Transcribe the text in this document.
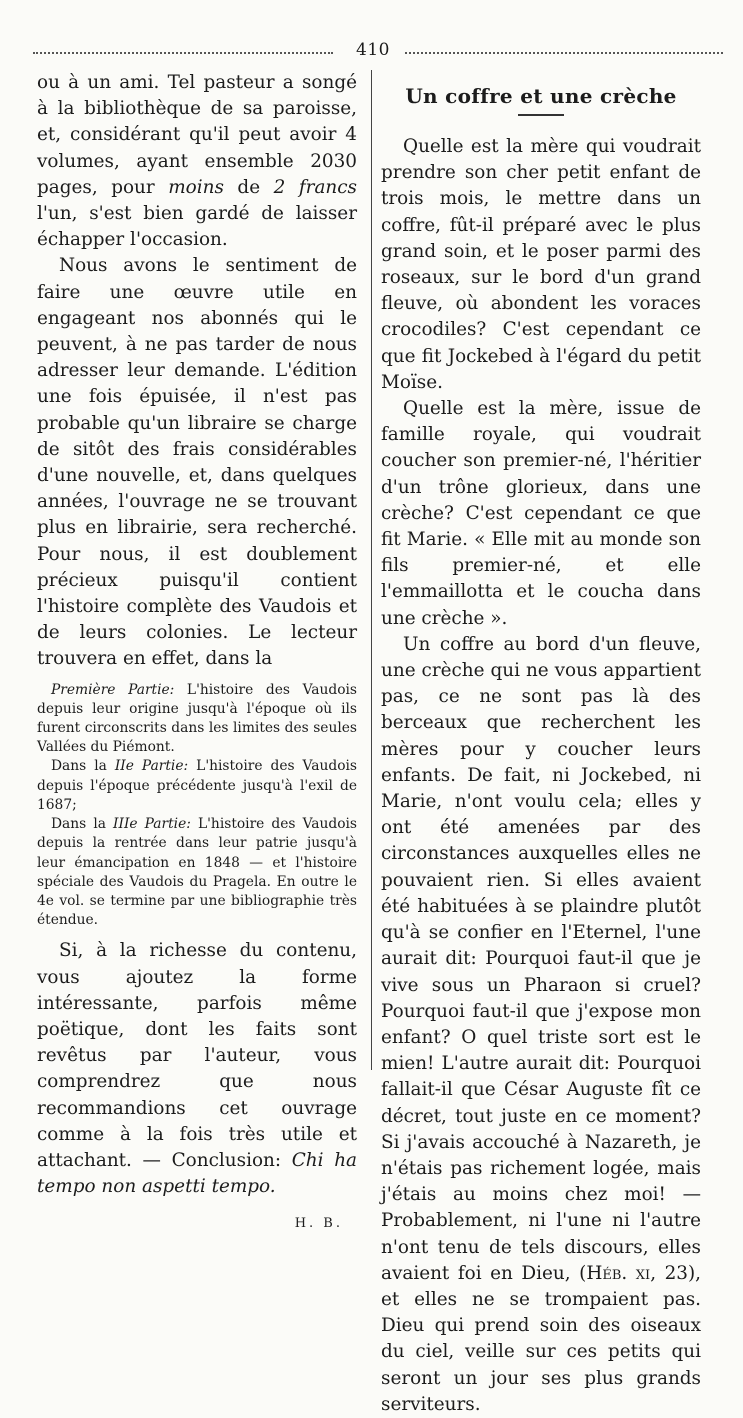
410

ou à un ami. Tel pasteur a songé à la bibliothèque de sa paroisse, et, considérant qu'il peut avoir 4 volumes, ayant ensemble 2030 pages, pour moins de 2 francs l'un, s'est bien gardé de laisser échapper l'occasion.

Nous avons le sentiment de faire une œuvre utile en engageant nos abonnés qui le peuvent, à ne pas tarder de nous adresser leur demande. L'édition une fois épuisée, il n'est pas probable qu'un libraire se charge de sitôt des frais considérables d'une nouvelle, et, dans quelques années, l'ouvrage ne se trouvant plus en librairie, sera recherché. Pour nous, il est doublement précieux puisqu'il contient l'histoire complète des Vaudois et de leurs colonies. Le lecteur trouvera en effet, dans la

Première Partie: L'histoire des Vaudois depuis leur origine jusqu'à l'époque où ils furent circonscrits dans les limites des seules Vallées du Piémont.

Dans la IIe Partie: L'histoire des Vaudois depuis l'époque précédente jusqu'à l'exil de 1687;

Dans la IIIe Partie: L'histoire des Vaudois depuis la rentrée dans leur patrie jusqu'à leur émancipation en 1848 — et l'histoire spéciale des Vaudois du Pragela. En outre le 4e vol. se termine par une bibliographie très étendue.

Si, à la richesse du contenu, vous ajoutez la forme intéressante, parfois même poëtique, dont les faits sont revêtus par l'auteur, vous comprendrez que nous recommandions cet ouvrage comme à la fois très utile et attachant. — Conclusion: Chi ha tempo non aspetti tempo.

H. B.
Un coffre et une crèche

Quelle est la mère qui voudrait prendre son cher petit enfant de trois mois, le mettre dans un coffre, fût-il préparé avec le plus grand soin, et le poser parmi des roseaux, sur le bord d'un grand fleuve, où abondent les voraces crocodiles? C'est cependant ce que fit Jockebed à l'égard du petit Moïse.

Quelle est la mère, issue de famille royale, qui voudrait coucher son premier-né, l'héritier d'un trône glorieux, dans une crèche? C'est cependant ce que fit Marie. « Elle mit au monde son fils premier-né, et elle l'emmaillotta et le coucha dans une crèche ».

Un coffre au bord d'un fleuve, une crèche qui ne vous appartient pas, ce ne sont pas là des berceaux que recherchent les mères pour y coucher leurs enfants. De fait, ni Jockebed, ni Marie, n'ont voulu cela; elles y ont été amenées par des circonstances auxquelles elles ne pouvaient rien. Si elles avaient été habituées à se plaindre plutôt qu'à se confier en l'Eternel, l'une aurait dit: Pourquoi faut-il que je vive sous un Pharaon si cruel? Pourquoi faut-il que j'expose mon enfant? O quel triste sort est le mien! L'autre aurait dit: Pourquoi fallait-il que César Auguste fît ce décret, tout juste en ce moment? Si j'avais accouché à Nazareth, je n'étais pas richement logée, mais j'étais au moins chez moi! — Probablement, ni l'une ni l'autre n'ont tenu de tels discours, elles avaient foi en Dieu, (Héb. xi, 23), et elles ne se trompaient pas. Dieu qui prend soin des oiseaux du ciel, veille sur ces petits qui seront un jour ses plus grands serviteurs.
